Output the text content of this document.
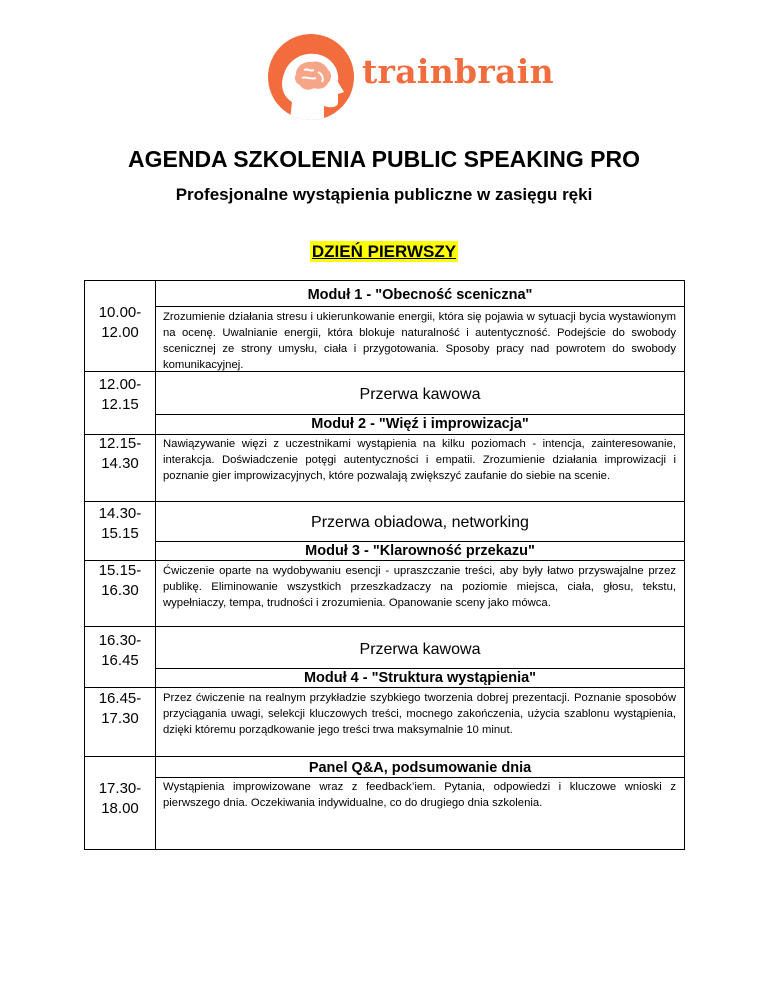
trainbrain
AGENDA SZKOLENIA PUBLIC SPEAKING PRO
Profesjonalne wystąpienia publiczne w zasięgu ręki
DZIEŃ PIERWSZY
10.00-
12.00
Moduł 1 - "Obecność sceniczna"
Zrozumienie działania stresu i ukierunkowanie energii, która się pojawia w sytuacji bycia wystawionym na ocenę. Uwalnianie energii, która blokuje naturalność i autentyczność. Podejście do swobody scenicznej ze strony umysłu, ciała i przygotowania. Sposoby pracy nad powrotem do swobody komunikacyjnej.
12.00-
12.15
Przerwa kawowa
Moduł 2 - "Więź i improwizacja"
12.15-
14.30
Nawiązywanie więzi z uczestnikami wystąpienia na kilku poziomach - intencja, zainteresowanie, interakcja. Doświadczenie potęgi autentyczności i empatii. Zrozumienie działania improwizacji i poznanie gier improwizacyjnych, które pozwalają zwiększyć zaufanie do siebie na scenie.
14.30-
15.15
Przerwa obiadowa, networking
Moduł 3 - "Klarowność przekazu"
15.15-
16.30
Ćwiczenie oparte na wydobywaniu esencji - upraszczanie treści, aby były łatwo przyswajalne przez publikę. Eliminowanie wszystkich przeszkadzaczy na poziomie miejsca, ciała, głosu, tekstu, wypełniaczy, tempa, trudności i zrozumienia. Opanowanie sceny jako mówca.
16.30-
16.45
Przerwa kawowa
Moduł 4 - "Struktura wystąpienia"
16.45-
17.30
Przez ćwiczenie na realnym przykładzie szybkiego tworzenia dobrej prezentacji. Poznanie sposobów przyciągania uwagi, selekcji kluczowych treści, mocnego zakończenia, użycia szablonu wystąpienia, dzięki któremu porządkowanie jego treści trwa maksymalnie 10 minut.
Panel Q&A, podsumowanie dnia
17.30-
18.00
Wystąpienia improwizowane wraz z feedback’iem. Pytania, odpowiedzi i kluczowe wnioski z pierwszego dnia. Oczekiwania indywidualne, co do drugiego dnia szkolenia.
